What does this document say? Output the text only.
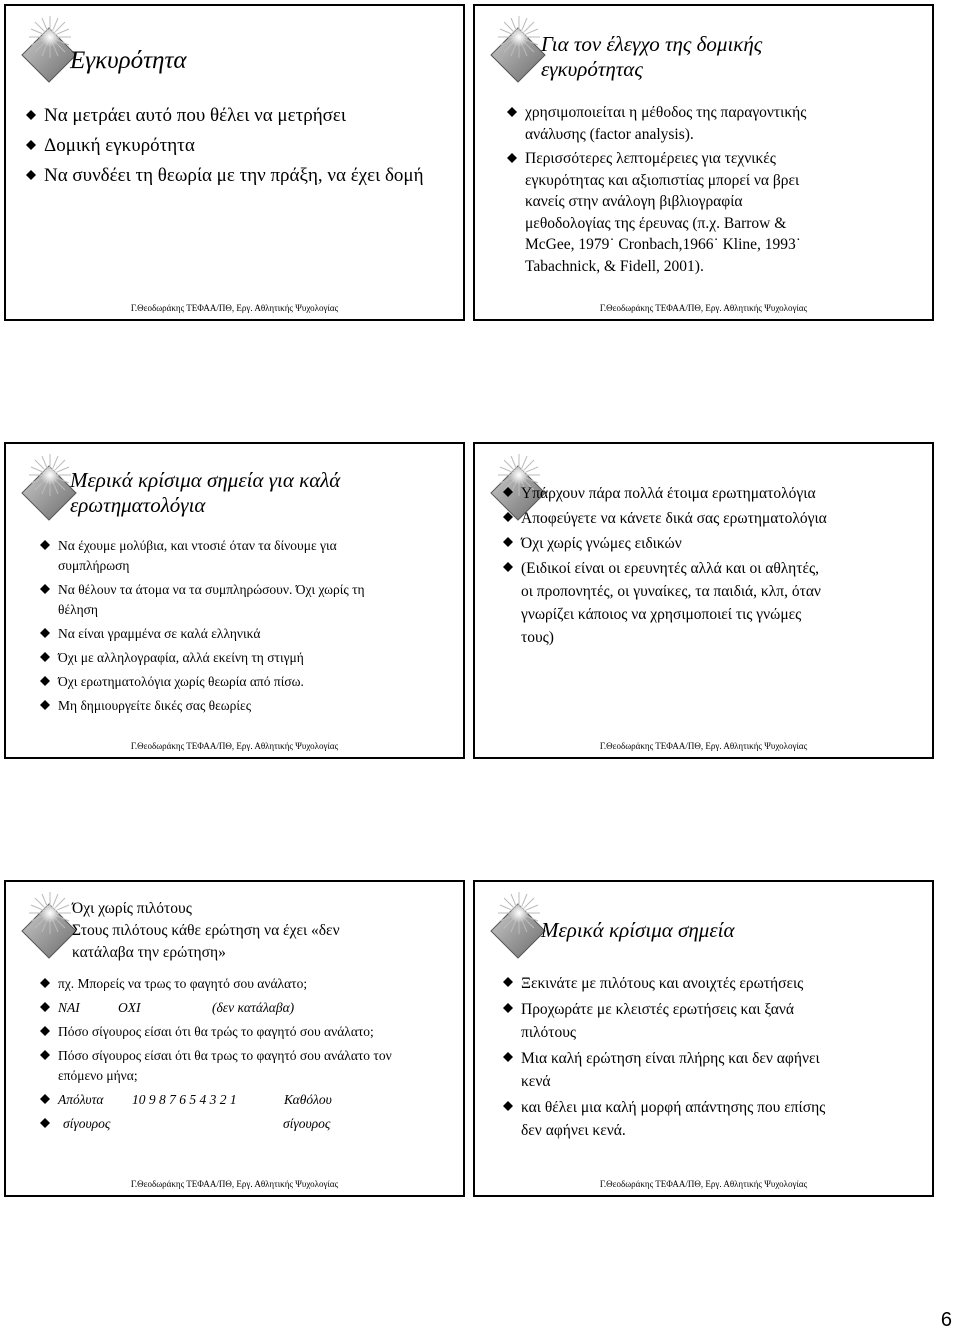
Εγκυρότητα
Να μετράει αυτό που θέλει να μετρήσει
Δομική εγκυρότητα
Να συνδέει τη θεωρία με την πράξη, να έχει δομή
Γ.Θεοδωράκης ΤΕΦΑΑ/ΠΘ, Εργ. Αθλητικής Ψυχολογίας
Για τον έλεγχο της δομικής εγκυρότητας
χρησιμοποιείται η μέθοδος της παραγοντικής ανάλυσης (factor analysis).
Περισσότερες λεπτομέρειες για τεχνικές εγκυρότητας και αξιοπιστίας μπορεί να βρει κανείς στην ανάλογη βιβλιογραφία μεθοδολογίας της έρευνας (π.χ. Barrow & McGee, 1979˙ Cronbach,1966˙ Kline, 1993˙ Tabachnick, & Fidell, 2001).
Γ.Θεοδωράκης ΤΕΦΑΑ/ΠΘ, Εργ. Αθλητικής Ψυχολογίας
Μερικά κρίσιμα σημεία για καλά ερωτηματολόγια
Να έχουμε μολύβια, και ντοσιέ όταν τα δίνουμε για συμπλήρωση
Να θέλουν τα άτομα να τα συμπληρώσουν. Όχι χωρίς τη θέληση
Να είναι γραμμένα σε καλά ελληνικά
Όχι με αλληλογραφία, αλλά εκείνη τη στιγμή
Όχι ερωτηματολόγια χωρίς θεωρία από πίσω.
Μη δημιουργείτε δικές σας θεωρίες
Γ.Θεοδωράκης ΤΕΦΑΑ/ΠΘ, Εργ. Αθλητικής Ψυχολογίας
Υπάρχουν πάρα πολλά έτοιμα ερωτηματολόγια
Αποφεύγετε να κάνετε δικά σας ερωτηματολόγια
Όχι χωρίς γνώμες ειδικών
(Ειδικοί είναι οι ερευνητές αλλά και οι αθλητές, οι προπονητές, οι γυναίκες, τα παιδιά, κλπ, όταν γνωρίζει κάποιος να χρησιμοποιεί τις γνώμες τους)
Γ.Θεοδωράκης ΤΕΦΑΑ/ΠΘ, Εργ. Αθλητικής Ψυχολογίας
Όχι χωρίς πιλότους
Στους πιλότους κάθε ερώτηση να έχει «δεν κατάλαβα την ερώτηση»
πχ. Μπορείς να τρως το φαγητό σου ανάλατο;
ΝΑΙ	ΟΧΙ	(δεν κατάλαβα)
Πόσο σίγουρος είσαι ότι θα τρώς το φαγητό σου ανάλατο;
Πόσο σίγουρος είσαι ότι θα τρως το φαγητό σου ανάλατο τον επόμενο μήνα;
Απόλυτα 10 9 8 7 6 5 4 3 2 1	Καθόλου
σίγουρος	σίγουρος
Γ.Θεοδωράκης ΤΕΦΑΑ/ΠΘ, Εργ. Αθλητικής Ψυχολογίας
Μερικά κρίσιμα σημεία
Ξεκινάτε με πιλότους και ανοιχτές ερωτήσεις
Προχωράτε με κλειστές ερωτήσεις και ξανά πιλότους
Μια καλή ερώτηση είναι πλήρης και δεν αφήνει κενά
και θέλει μια καλή μορφή απάντησης που επίσης δεν αφήνει κενά.
Γ.Θεοδωράκης ΤΕΦΑΑ/ΠΘ, Εργ. Αθλητικής Ψυχολογίας
6
